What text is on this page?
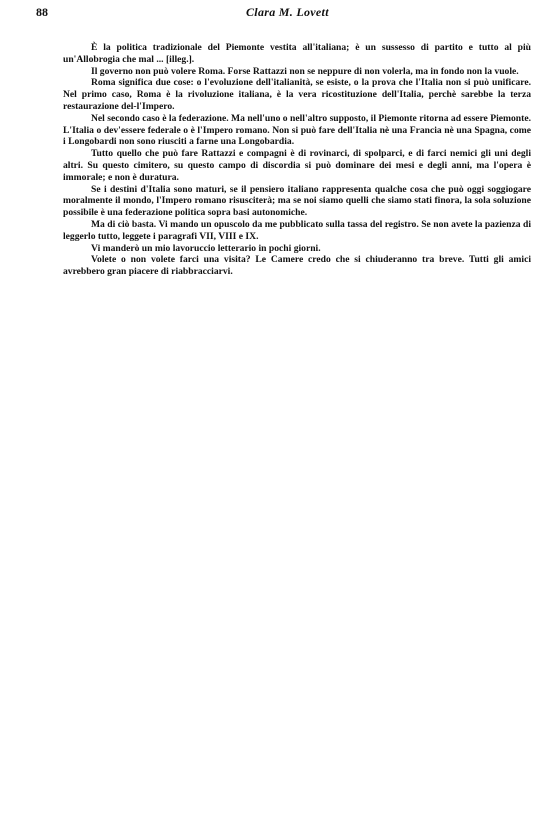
88	Clara M. Lovett

È la politica tradizionale del Piemonte vestita all'italiana; è un sussesso di partito e tutto al più un'Allobrogia che mal ... [illeg.].

Il governo non può volere Roma. Forse Rattazzi non se neppure di non volerla, ma in fondo non la vuole.

Roma significa due cose: o l'evoluzione dell'italianità, se esiste, o la prova che l'Italia non si può unificare. Nel primo caso, Roma è la rivoluzione italiana, è la vera ricostituzione dell'Italia, perchè sarebbe la terza restaurazione del-l'Impero.

Nel secondo caso è la federazione. Ma nell'uno o nell'altro supposto, il Piemonte ritorna ad essere Piemonte. L'Italia o dev'essere federale o è l'Impero romano. Non si può fare dell'Italia nè una Francia nè una Spagna, come i Longobardi non sono riusciti a farne una Longobardia.

Tutto quello che può fare Rattazzi e compagni è di rovinarci, di spolparci, e di farci nemici gli uni degli altri. Su questo cimitero, su questo campo di discordia si può dominare dei mesi e degli anni, ma l'opera è immorale; e non è duratura.

Se i destini d'Italia sono maturi, se il pensiero italiano rappresenta qualche cosa che può oggi soggiogare moralmente il mondo, l'Impero romano risusciterà; ma se noi siamo quelli che siamo stati finora, la sola soluzione possibile è una federazione politica sopra basi autonomiche.

Ma di ciò basta. Vi mando un opuscolo da me pubblicato sulla tassa del registro. Se non avete la pazienza di leggerlo tutto, leggete i paragrafi VII, VIII e IX.

Vi manderò un mio lavoruccio letterario in pochi giorni.

Volete o non volete farci una visita? Le Camere credo che si chiuderanno tra breve. Tutti gli amici avrebbero gran piacere di riabbracciarvi.
